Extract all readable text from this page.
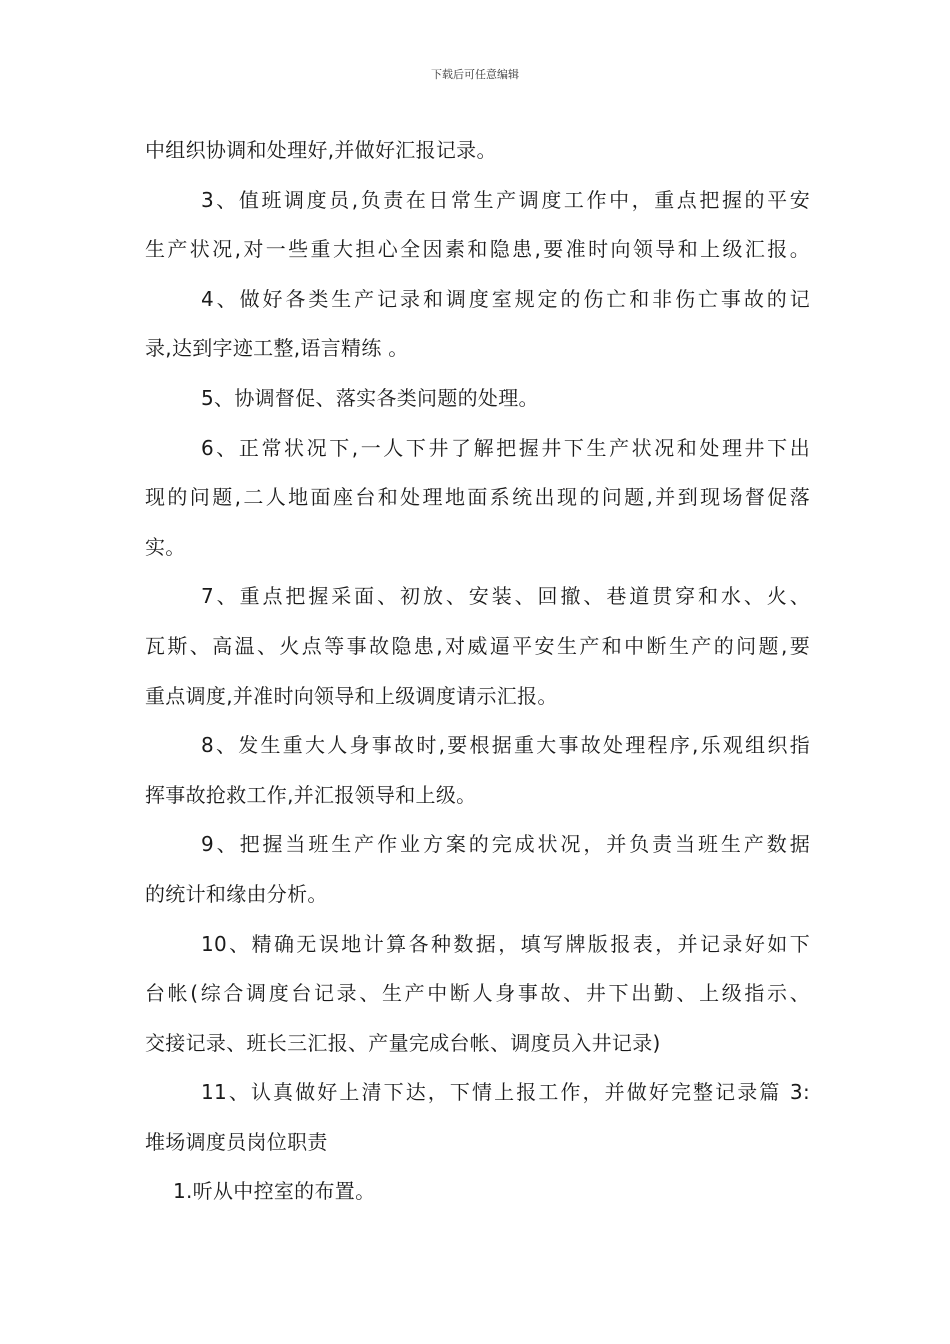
下载后可任意编辑
中组织协调和处理好,并做好汇报记录。
3、值班调度员,负责在日常生产调度工作中，重点把握的平安
生产状况,对一些重大担心全因素和隐患,要准时向领导和上级汇报。
4、做好各类生产记录和调度室规定的伤亡和非伤亡事故的记
录,达到字迹工整,语言精练 。
5、协调督促、落实各类问题的处理。
6、正常状况下,一人下井了解把握井下生产状况和处理井下出
现的问题,二人地面座台和处理地面系统出现的问题,并到现场督促落
实。
7、重点把握采面、初放、安装、回撤、巷道贯穿和水、火、
瓦斯、高温、火点等事故隐患,对威逼平安生产和中断生产的问题,要
重点调度,并准时向领导和上级调度请示汇报。
8、发生重大人身事故时,要根据重大事故处理程序,乐观组织指
挥事故抢救工作,并汇报领导和上级。
9、把握当班生产作业方案的完成状况，并负责当班生产数据
的统计和缘由分析。
10、精确无误地计算各种数据，填写牌版报表，并记录好如下
台帐(综合调度台记录、生产中断人身事故、井下出勤、上级指示、
交接记录、班长三汇报、产量完成台帐、调度员入井记录)
11、认真做好上清下达，下情上报工作，并做好完整记录篇 3:
堆场调度员岗位职责
1.听从中控室的布置。
